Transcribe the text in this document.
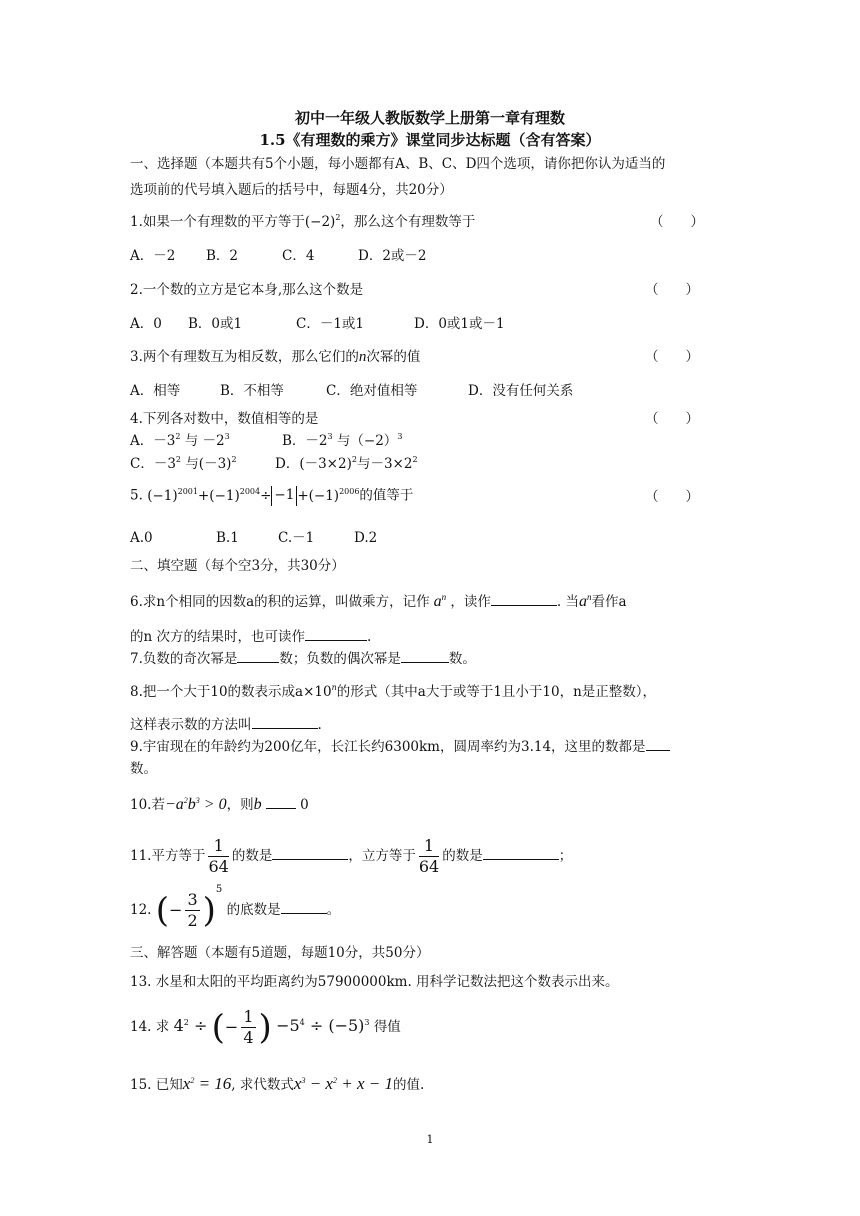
初中一年级人教版数学上册第一章有理数
1.5《有理数的乘方》课堂同步达标题（含有答案）
一、选择题（本题共有5个小题，每小题都有A、B、C、D四个选项，请你把你认为适当的
选项前的代号填入题后的括号中，每题4分，共20分）
1.如果一个有理数的平方等于$(-2)^2$，那么这个有理数等于	（　　）
A．－2 B．2	C．4	D．2或－2
2.一个数的立方是它本身,那么这个数是	（　　）
A．0 B．0或1	C．－1或1	D．0或1或－1
3.两个有理数互为相反数，那么它们的n次幂的值	（　　）
A．相等	B．不相等	C．绝对值相等	D．没有任何关系
4.下列各对数中，数值相等的是	（　　）
A．$-3^2$ 与 $-2^3$	B．$-2^3$ 与$(-2)^3$
C．$-3^2$ 与$(-3)^2$	D．$(-3\times 2)^2$与$-3\times 2^2$
5. $(-1)^{2001}+(-1)^{2004}\div -1 +(-1)^{2006}$的值等于	（　　）
A.0	B.1	C.－1	D.2
二、填空题（每个空3分，共30分）
6.求n个相同的因数a的积的运算，叫做乘方，记作 $a^n$ ，读作	. 当$a^n$看作a
的n 次方的结果时，也可读作	.
7.负数的奇次幂是	数；负数的偶次幂是	数。
8.把一个大于10的数表示成$a\times 10^n$的形式（其中a大于或等于1且小于10，n是正整数），
这样表示数的方法叫	.
9.宇宙现在的年龄约为200亿年，长江长约6300km，圆周率约为3.14，这里的数都是
数。
10.若$-a^2b^3 > 0$，则b	0
11.平方等于 $\frac{1}{64}$ 的数是	，立方等于 $\frac{1}{64}$ 的数是	；
12. (− $\frac{3}{2} )^5$ 的底数是	。
三、解答题（本题有5道题，每题10分，共50分）
13. 水星和太阳的平均距离约为57900000km. 用科学记数法把这个数表示出来。
14. 求 $4^2$ ÷ (− $\frac{1}{4}$ ) $-5^4 \div (-5)^3$ 得值
15. 已知$x^2 = 16$, 求代数式$x^3 - x^2 + x - 1$的值.
1
